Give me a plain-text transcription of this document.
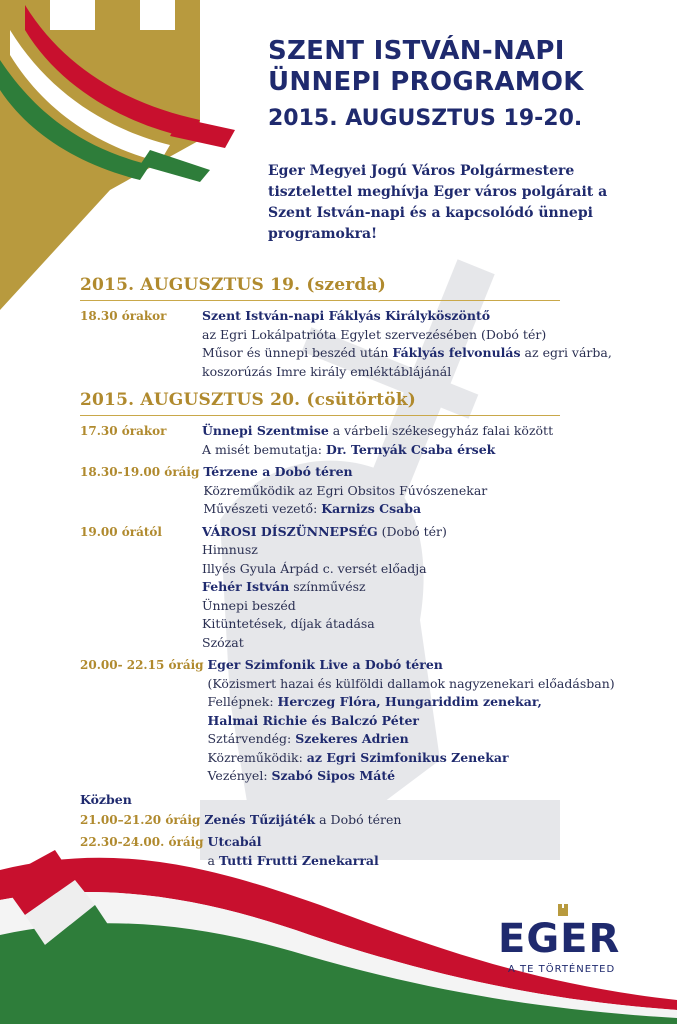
SZENT ISTVÁN-NAPI
ÜNNEPI PROGRAMOK
2015. AUGUSZTUS 19-20.
Eger Megyei Jogú Város Polgármestere
tisztelettel meghívja Eger város polgárait a
Szent István-napi és a kapcsolódó ünnepi
programokra!
2015. AUGUSZTUS 19. (szerda)
18.30 órakor	Szent István-napi Fáklyás Királyköszöntő
az Egri Lokálpatrióta Egylet szervezésében (Dobó tér)
Műsor és ünnepi beszéd után Fáklyás felvonulás az egri várba,
koszorúzás Imre király emléktáblájánál
2015. AUGUSZTUS 20. (csütörtök)
17.30 órakor	Ünnepi Szentmise a várbeli székesegyház falai között
A misét bemutatja: Dr. Ternyák Csaba érsek
18.30-19.00 óráig Térzene a Dobó téren
Közreműködik az Egri Obsitos Fúvószenekar
Művészeti vezető: Karnizs Csaba
19.00 órától	VÁROSI DÍSZÜNNEPSÉG (Dobó tér)
Himnusz
Illyés Gyula Árpád c. versét előadja
Fehér István színművész
Ünnepi beszéd
Kitüntetések, díjak átadása
Szózat
20.00- 22.15 óráig Eger Szimfonik Live a Dobó téren
(Közismert hazai és külföldi dallamok nagyzenekari előadásban)
Fellépnek: Herczeg Flóra, Hungariddim zenekar,
Halmai Richie és Balczó Péter
Sztárvendég: Szekeres Adrien
Közreműködik: az Egri Szimfonikus Zenekar
Vezényel: Szabó Sipos Máté
Közben
21.00–21.20 óráig Zenés Tűzijáték a Dobó téren
22.30-24.00. óráig Utcabál
a Tutti Frutti Zenekarral
EGER
A TE TÖRTÉNETED
